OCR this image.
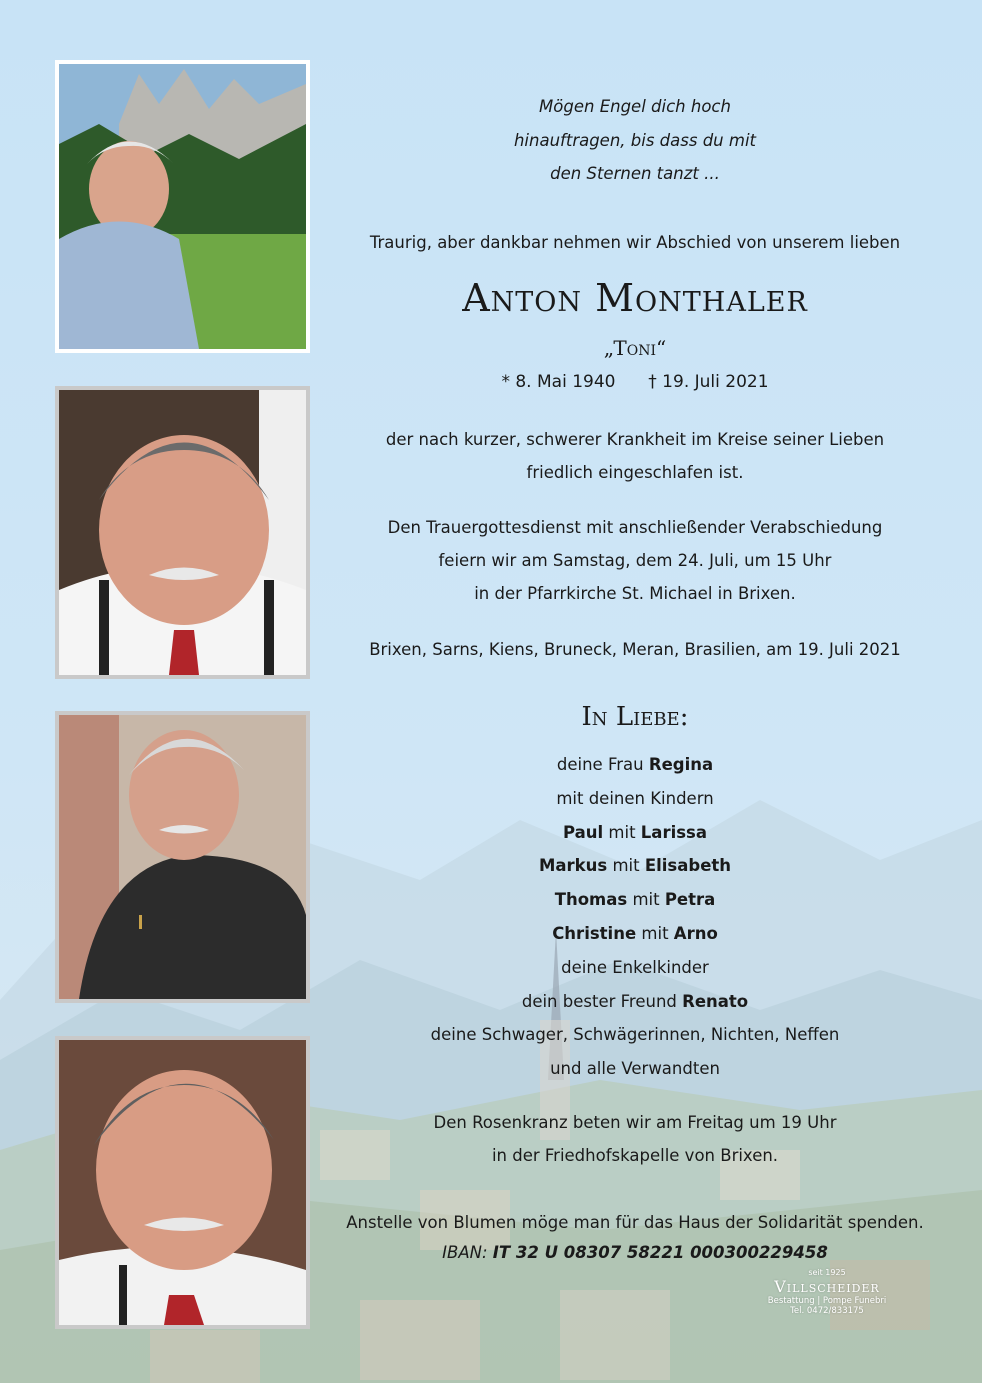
Mögen Engel dich hoch
hinauftragen, bis dass du mit
den Sternen tanzt ...
Traurig, aber dankbar nehmen wir Abschied von unserem lieben
Anton Monthaler
„Toni“
* 8. Mai 1940 † 19. Juli 2021
der nach kurzer, schwerer Krankheit im Kreise seiner Lieben
friedlich eingeschlafen ist.
Den Trauergottesdienst mit anschließender Verabschiedung
feiern wir am Samstag, dem 24. Juli, um 15 Uhr
in der Pfarrkirche St. Michael in Brixen.
Brixen, Sarns, Kiens, Bruneck, Meran, Brasilien, am 19. Juli 2021
In Liebe:
deine Frau Regina
mit deinen Kindern
Paul mit Larissa
Markus mit Elisabeth
Thomas mit Petra
Christine mit Arno
deine Enkelkinder
dein bester Freund Renato
deine Schwager, Schwägerinnen, Nichten, Neffen
und alle Verwandten
Den Rosenkranz beten wir am Freitag um 19 Uhr
in der Friedhofskapelle von Brixen.
Anstelle von Blumen möge man für das Haus der Solidarität spenden.
IBAN: IT 32 U 08307 58221 000300229458
seit 1925
Villscheider
Bestattung | Pompe Funebri
Tel. 0472/833175
